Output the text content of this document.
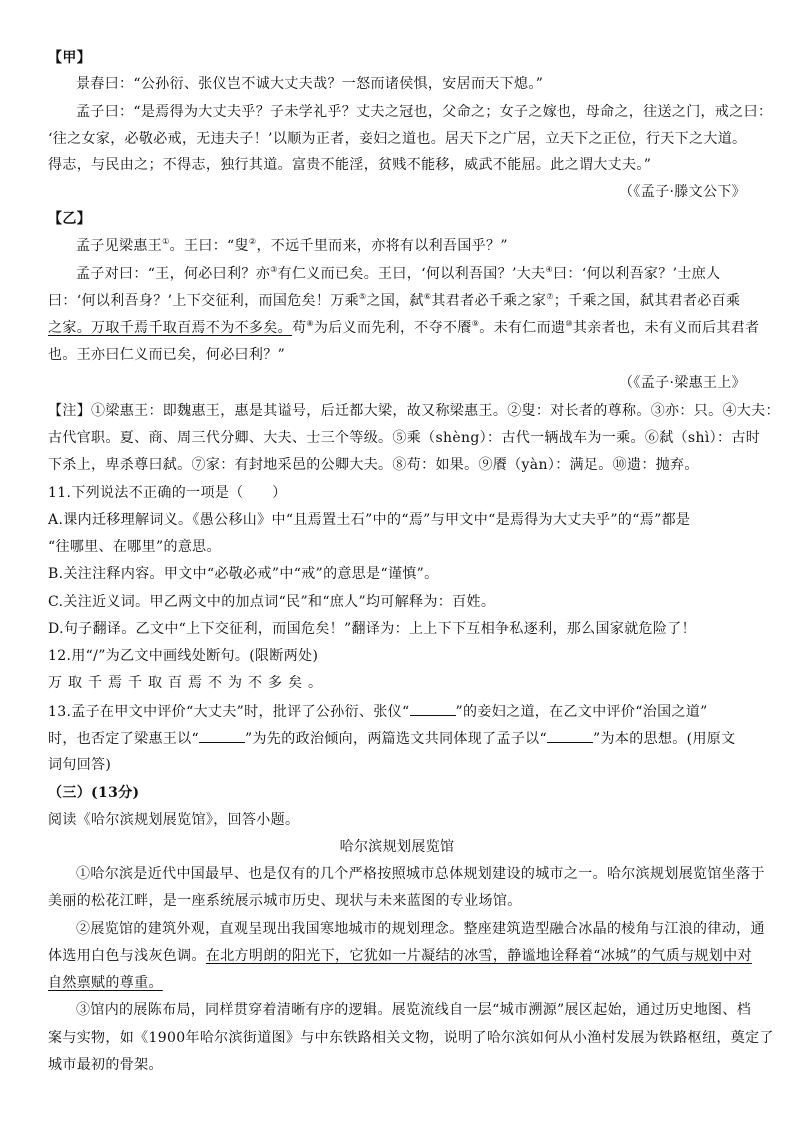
【甲】
景春曰：“公孙衍、张仪岂不诚大丈夫哉？一怒而诸侯惧，安居而天下熄。”
孟子曰：“是焉得为大丈夫乎？子未学礼乎？丈夫之冠也，父命之；女子之嫁也，母命之，往送之门，戒之曰：
‘往之女家，必敬必戒，无违夫子！’以顺为正者，妾妇之道也。居天下之广居，立天下之正位，行天下之大道。
得志，与民由之；不得志，独行其道。富贵不能淫，贫贱不能移，威武不能屈。此之谓大丈夫。”
（《孟子·滕文公下》
【乙】
孟子见梁惠王①。王曰：“叟②，不远千里而来，亦将有以利吾国乎？”
孟子对曰：“王，何必曰利？亦③有仁义而已矣。王曰，‘何以利吾国？’大夫④曰：‘何以利吾家？’士庶人
曰：‘何以利吾身？’上下交征利，而国危矣！万乘⑤之国，弑⑥其君者必千乘之家⑦；千乘之国，弑其君者必百乘
之家。万取千焉千取百焉不为不多矣。苟⑧为后义而先利，不夺不餍⑨。未有仁而遗⑩其亲者也，未有义而后其君者
也。王亦曰仁义而已矣，何必曰利？”
（《孟子·梁惠王上》
【注】①梁惠王：即魏惠王，惠是其谥号，后迁都大梁，故又称梁惠王。②叟：对长者的尊称。③亦：只。④大夫：
古代官职。夏、商、周三代分卿、大夫、士三个等级。⑤乘（shèng）：古代一辆战车为一乘。⑥弑（shì）：古时
下杀上，卑杀尊曰弑。⑦家：有封地采邑的公卿大夫。⑧苟：如果。⑨餍（yàn）：满足。⑩遗：抛弃。
11.下列说法不正确的一项是（　　）
A.课内迁移理解词义。《愚公移山》中“且焉置土石”中的“焉”与甲文中“是焉得为大丈夫乎”的“焉”都是
“往哪里、在哪里”的意思。
B.关注注释内容。甲文中“必敬必戒”中“戒”的意思是“谨慎”。
C.关注近义词。甲乙两文中的加点词“民”和“庶人”均可解释为：百姓。
D.句子翻译。乙文中“上下交征利，而国危矣！”翻译为：上上下下互相争私逐利，那么国家就危险了！
12.用“/”为乙文中画线处断句。(限断两处)
万取千焉千取百焉不为不多矣。
13.孟子在甲文中评价“大丈夫”时，批评了公孙衍、张仪“	”的妾妇之道，在乙文中评价“治国之道”
时，也否定了梁惠王以“	”为先的政治倾向，两篇选文共同体现了孟子以“	”为本的思想。(用原文
词句回答)
（三）(13分)
阅读《哈尔滨规划展览馆》，回答小题。
哈尔滨规划展览馆
①哈尔滨是近代中国最早、也是仅有的几个严格按照城市总体规划建设的城市之一。哈尔滨规划展览馆坐落于
美丽的松花江畔，是一座系统展示城市历史、现状与未来蓝图的专业场馆。
②展览馆的建筑外观，直观呈现出我国寒地城市的规划理念。整座建筑造型融合冰晶的棱角与江浪的律动，通
体选用白色与浅灰色调。在北方明朗的阳光下，它犹如一片凝结的冰雪，静谧地诠释着“冰城”的气质与规划中对
自然禀赋的尊重。
③馆内的展陈布局，同样贯穿着清晰有序的逻辑。展览流线自一层“城市溯源”展区起始，通过历史地图、档
案与实物，如《1900年哈尔滨街道图》与中东铁路相关文物，说明了哈尔滨如何从小渔村发展为铁路枢纽，奠定了
城市最初的骨架。
